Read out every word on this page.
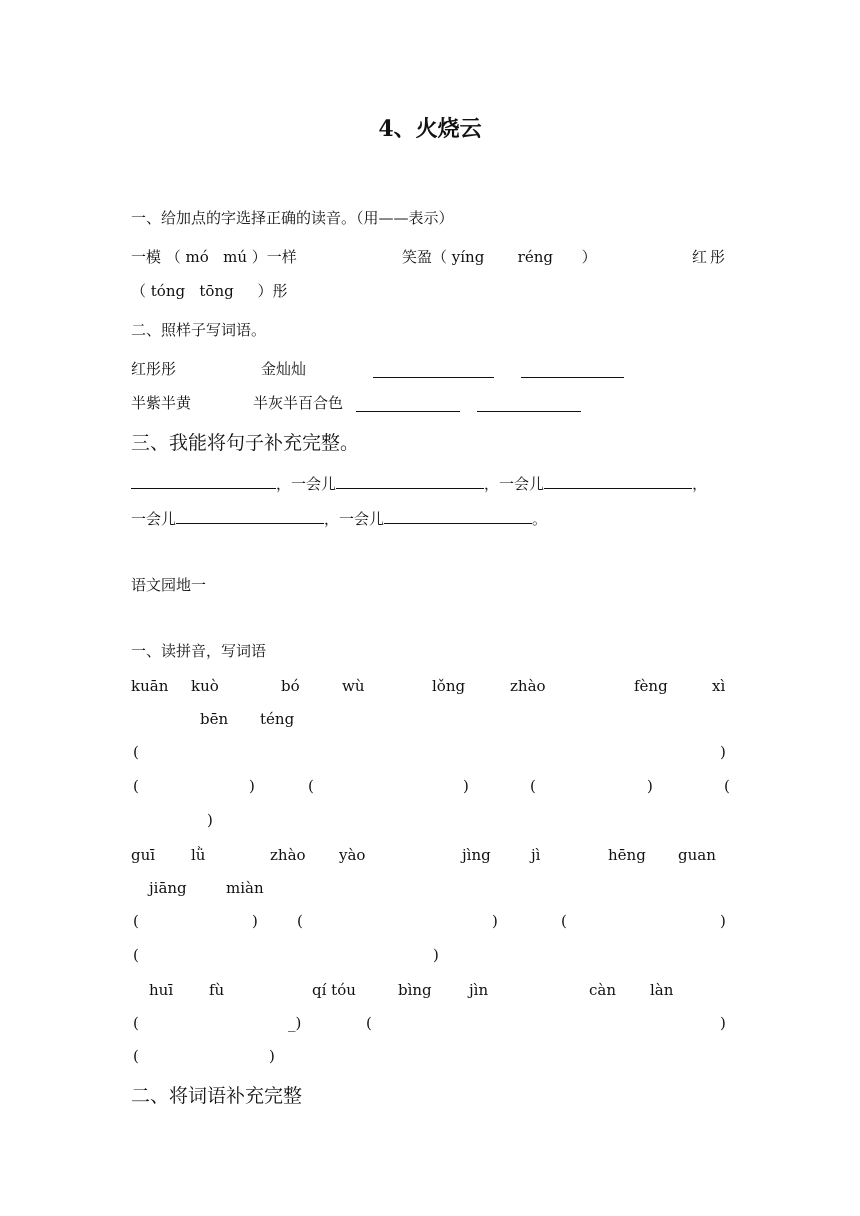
4、火烧云
一、给加点的字选择正确的读音。（用——表示）
一模 （ mó   mú ）一样	笑盈（ yíng       réng      ）	红彤
（ tóng   tōng     ）彤
二、照样子写词语。
红彤彤	金灿灿
半紫半黄	半灰半百合色
三、我能将句子补充完整。
，一会儿	，一会儿	，
一会儿	，一会儿	。
语文园地一
一、读拼音，写词语
kuān kuò	bó	wù	lǒng	zhào	fèng	xì
bēn téng
(	)
(	)	(	)	(	)	(
)
guī lǜ	zhào yào	jìng	jì	hēng guan
jiāng	miàn
(	)	(	)	(	)
(	)
huī fù	qí tóu	bìng jìn	càn làn
(	_)	(	)
(	)
二、将词语补充完整
